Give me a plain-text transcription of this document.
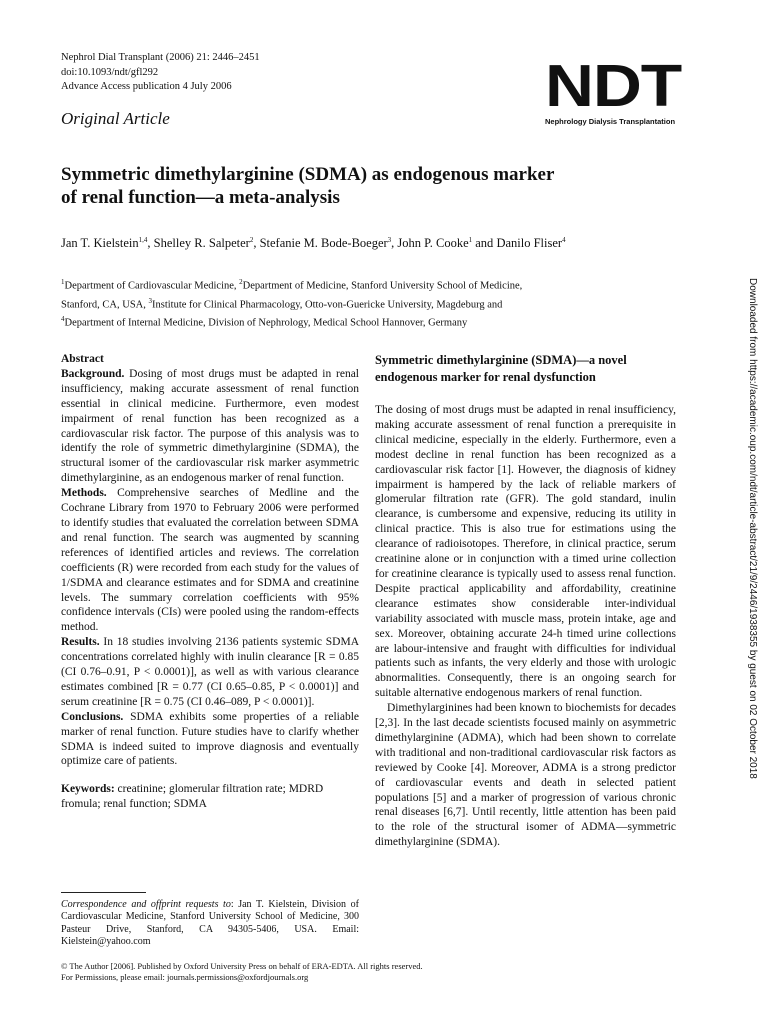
Nephrol Dial Transplant (2006) 21: 2446–2451
doi:10.1093/ndt/gfl292
Advance Access publication 4 July 2006
Original Article	NDT
Nephrology Dialysis Transplantation
Symmetric dimethylarginine (SDMA) as endogenous marker
of renal function—a meta-analysis
Jan T. Kielstein$^{1,4}$, Shelley R. Salpeter$^2$, Stefanie M. Bode-Boeger$^3$, John P. Cooke$^1$ and Danilo Fliser$^4$
$^1$Department of Cardiovascular Medicine, $^2$Department of Medicine, Stanford University School of Medicine,
Stanford, CA, USA, $^3$Institute for Clinical Pharmacology, Otto-von-Guericke University, Magdeburg and
$^4$Department of Internal Medicine, Division of Nephrology, Medical School Hannover, Germany
Abstract

Background. Dosing of most drugs must be adapted in renal insufficiency, making accurate assessment of renal function essential in clinical medicine. Furthermore, even modest impairment of renal function has been recognized as a cardiovascular risk factor. The purpose of this analysis was to identify the role of symmetric dimethylarginine (SDMA), the structural isomer of the cardiovascular risk marker asymmetric dimethylarginine, as an endogenous marker of renal function.

Methods. Comprehensive searches of Medline and the Cochrane Library from 1970 to February 2006 were performed to identify studies that evaluated the correlation between SDMA and renal function. The search was augmented by scanning references of identified articles and reviews. The correlation coefficients (R) were recorded from each study for the values of 1/SDMA and clearance estimates and for SDMA and creatinine levels. The summary correlation coefficients with 95% confidence intervals (CIs) were pooled using the random-effects method.

Results. In 18 studies involving 2136 patients systemic SDMA concentrations correlated highly with inulin clearance [R = 0.85 (CI 0.76–0.91, P < 0.0001)], as well as with various clearance estimates combined [R = 0.77 (CI 0.65–0.85, P < 0.0001)] and serum creatinine [R = 0.75 (CI 0.46–089, P < 0.0001)].

Conclusions. SDMA exhibits some properties of a reliable marker of renal function. Future studies have to clarify whether SDMA is indeed suited to improve diagnosis and eventually optimize care of patients.

Keywords: creatinine; glomerular filtration rate; MDRD fromula; renal function; SDMA

Correspondence and offprint requests to: Jan T. Kielstein, Division of Cardiovascular Medicine, Stanford University School of Medicine, 300 Pasteur Drive, Stanford, CA 94305-5406, USA. Email: Kielstein@yahoo.com
Symmetric dimethylarginine (SDMA)—a novel
endogenous marker for renal dysfunction

The dosing of most drugs must be adapted in renal insufficiency, making accurate assessment of renal function a prerequisite in clinical medicine, especially in the elderly. Furthermore, even a modest decline in renal function has been recognized as a cardiovascular risk factor [1]. However, the diagnosis of kidney impairment is hampered by the lack of reliable markers of glomerular filtration rate (GFR). The gold standard, inulin clearance, is cumbersome and expensive, reducing its utility in clinical practice. This is also true for estimations using the clearance of radioisotopes. Therefore, in clinical practice, serum creatinine alone or in conjunction with a timed urine collection for creatinine clearance is typically used to assess renal function. Despite practical applicability and affordability, creatinine clearance estimates show considerable inter-individual variability associated with muscle mass, protein intake, age and sex. Moreover, obtaining accurate 24-h timed urine collections are labour-intensive and fraught with difficulties for individual patients such as infants, the very elderly and those with urologic abnormalities. Consequently, there is an ongoing search for suitable alternative endogenous markers of renal function.

Dimethylarginines had been known to biochemists for decades [2,3]. In the last decade scientists focused mainly on asymmetric dimethylarginine (ADMA), which had been shown to correlate with traditional and non-traditional cardiovascular risk factors as reviewed by Cooke [4]. Moreover, ADMA is a strong predictor of cardiovascular events and death in selected patient populations [5] and a marker of progression of various chronic renal diseases [6,7]. Until recently, little attention has been paid to the role of the structural isomer of ADMA—symmetric dimethylarginine (SDMA).

© The Author [2006]. Published by Oxford University Press on behalf of ERA-EDTA. All rights reserved.
For Permissions, please email: journals.permissions@oxfordjournals.org
Downloaded from https://academic.oup.com/ndt/article-abstract/21/9/2446/1938355 by guest on 02 October 2018
